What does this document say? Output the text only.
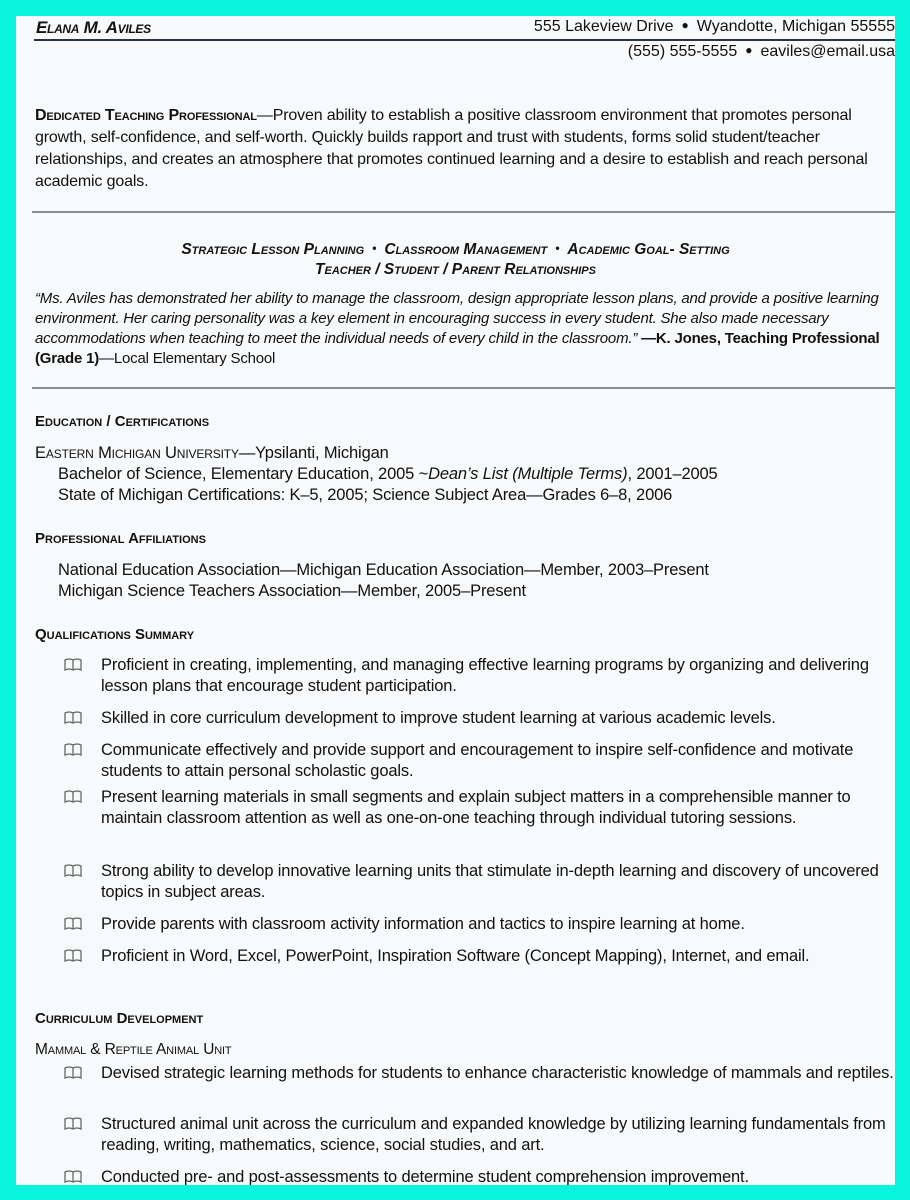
Elana M. Aviles	555 Lakeview Drive ● Wyandotte, Michigan 55555
(555) 555-5555 ● eaviles@email.usa
Dedicated Teaching Professional—Proven ability to establish a positive classroom environment that promotes personal growth, self-confidence, and self-worth. Quickly builds rapport and trust with students, forms solid student/teacher relationships, and creates an atmosphere that promotes continued learning and a desire to establish and reach personal academic goals.
Strategic Lesson Planning • Classroom Management • Academic Goal- Setting
Teacher / Student / Parent Relationships
“Ms. Aviles has demonstrated her ability to manage the classroom, design appropriate lesson plans, and provide a positive learning environment. Her caring personality was a key element in encouraging success in every student. She also made necessary accommodations when teaching to meet the individual needs of every child in the classroom.” —K. Jones, Teaching Professional (Grade 1)—Local Elementary School
Education / Certifications
Eastern Michigan University—Ypsilanti, Michigan
Bachelor of Science, Elementary Education, 2005 ~Dean’s List (Multiple Terms), 2001–2005
State of Michigan Certifications: K–5, 2005; Science Subject Area—Grades 6–8, 2006
Professional Affiliations
National Education Association—Michigan Education Association—Member, 2003–Present
Michigan Science Teachers Association—Member, 2005–Present
Qualifications Summary
Proficient in creating, implementing, and managing effective learning programs by organizing and delivering lesson plans that encourage student participation.
Skilled in core curriculum development to improve student learning at various academic levels.
Communicate effectively and provide support and encouragement to inspire self-confidence and motivate students to attain personal scholastic goals.
Present learning materials in small segments and explain subject matters in a comprehensible manner to maintain classroom attention as well as one-on-one teaching through individual tutoring sessions.
Strong ability to develop innovative learning units that stimulate in-depth learning and discovery of uncovered topics in subject areas.
Provide parents with classroom activity information and tactics to inspire learning at home.
Proficient in Word, Excel, PowerPoint, Inspiration Software (Concept Mapping), Internet, and email.
Curriculum Development
Mammal & Reptile Animal Unit
Devised strategic learning methods for students to enhance characteristic knowledge of mammals and reptiles.
Structured animal unit across the curriculum and expanded knowledge by utilizing learning fundamentals from reading, writing, mathematics, science, social studies, and art.
Conducted pre- and post-assessments to determine student comprehension improvement.
